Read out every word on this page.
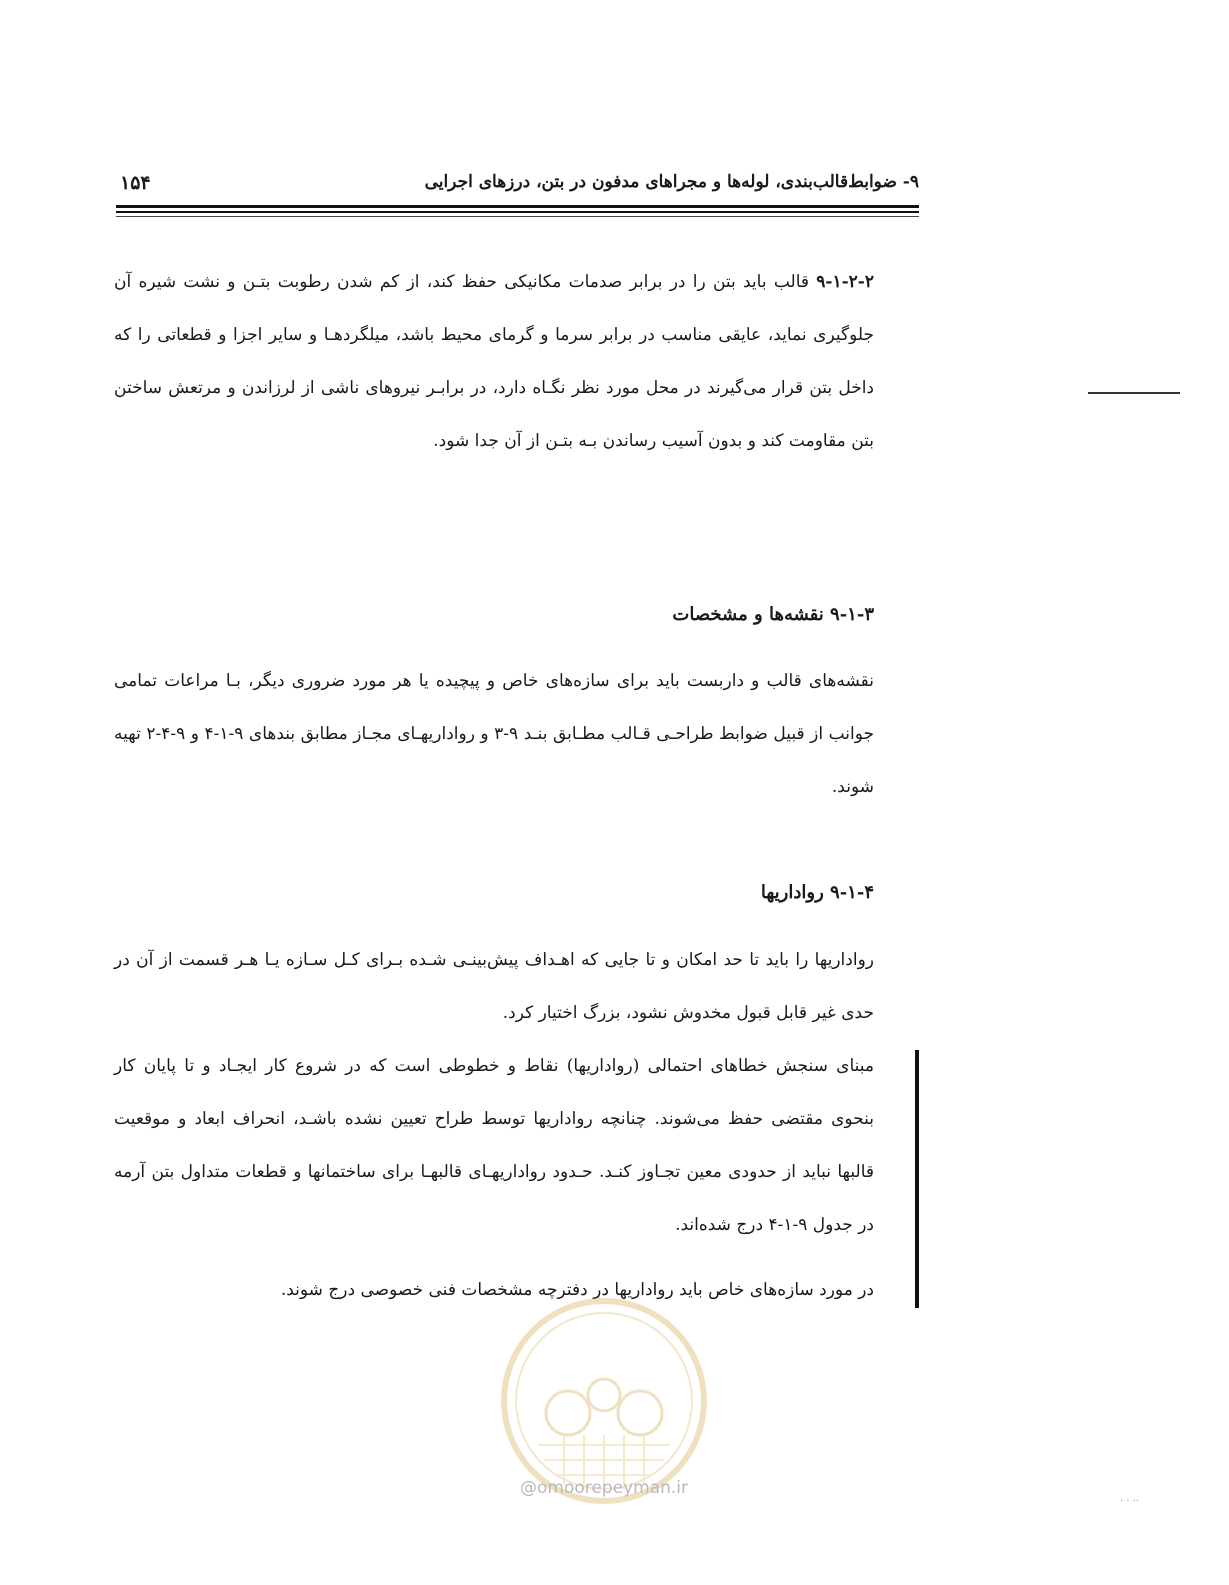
۹- ضوابط‌قالب‌بندی، لوله‌ها و مجراهای مدفون در بتن، درزهای اجرایی
۱۵۴
۹-۱-۲-۲ قالب باید بتن را در برابر صدمات مکانیکی حفظ کند، از کم شدن رطوبت بتـن و نشت شیره آن جلوگیری نماید، عایقی مناسب در برابر سرما و گرمای محیط باشد، میلگردهـا و سایر اجزا و قطعاتی را که داخل بتن قرار می‌گیرند در محل مورد نظر نگـاه دارد، در برابـر نیروهای ناشی از لرزاندن و مرتعش ساختن بتن مقاومت کند و بدون آسیب رساندن بـه بتـن از آن جدا شود.
۹-۱-۳ نقشه‌ها و مشخصات
نقشه‌های قالب و داربست باید برای سازه‌های خاص و پیچیده یا هر مورد ضروری دیگر، بـا مراعات تمامی جوانب از قبیل ضوابط طراحـی قـالب مطـابق بنـد ۹-۳ و رواداریهـای مجـاز مطابق بندهای ۹-۱-۴ و ۹-۴-۲ تهیه شوند.
۹-۱-۴ رواداریها
رواداریها را باید تا حد امکان و تا جایی که اهـداف پیش‌بینـی شـده بـرای کـل سـازه یـا هـر قسمت از آن در حدی غیر قابل قبول مخدوش نشود، بزرگ اختیار کرد.
مبنای سنجش خطاهای احتمالی (رواداریها) نقاط و خطوطی است که در شروع کار ایجـاد و تا پایان کار بنحوی مقتضی حفظ می‌شوند. چنانچه رواداریها توسط طراح تعیین نشده باشـد، انحراف ابعاد و موقعیت قالبها نباید از حدودی معین تجـاوز کنـد. حـدود رواداریهـای قالبهـا برای ساختمانها و قطعات متداول بتن آرمه در جدول ۹-۱-۴ درج شده‌اند.
در مورد سازه‌های خاص باید رواداریها در دفترچه مشخصات فنی خصوصی درج شوند.
@omoorepeyman.ir
. . ..
